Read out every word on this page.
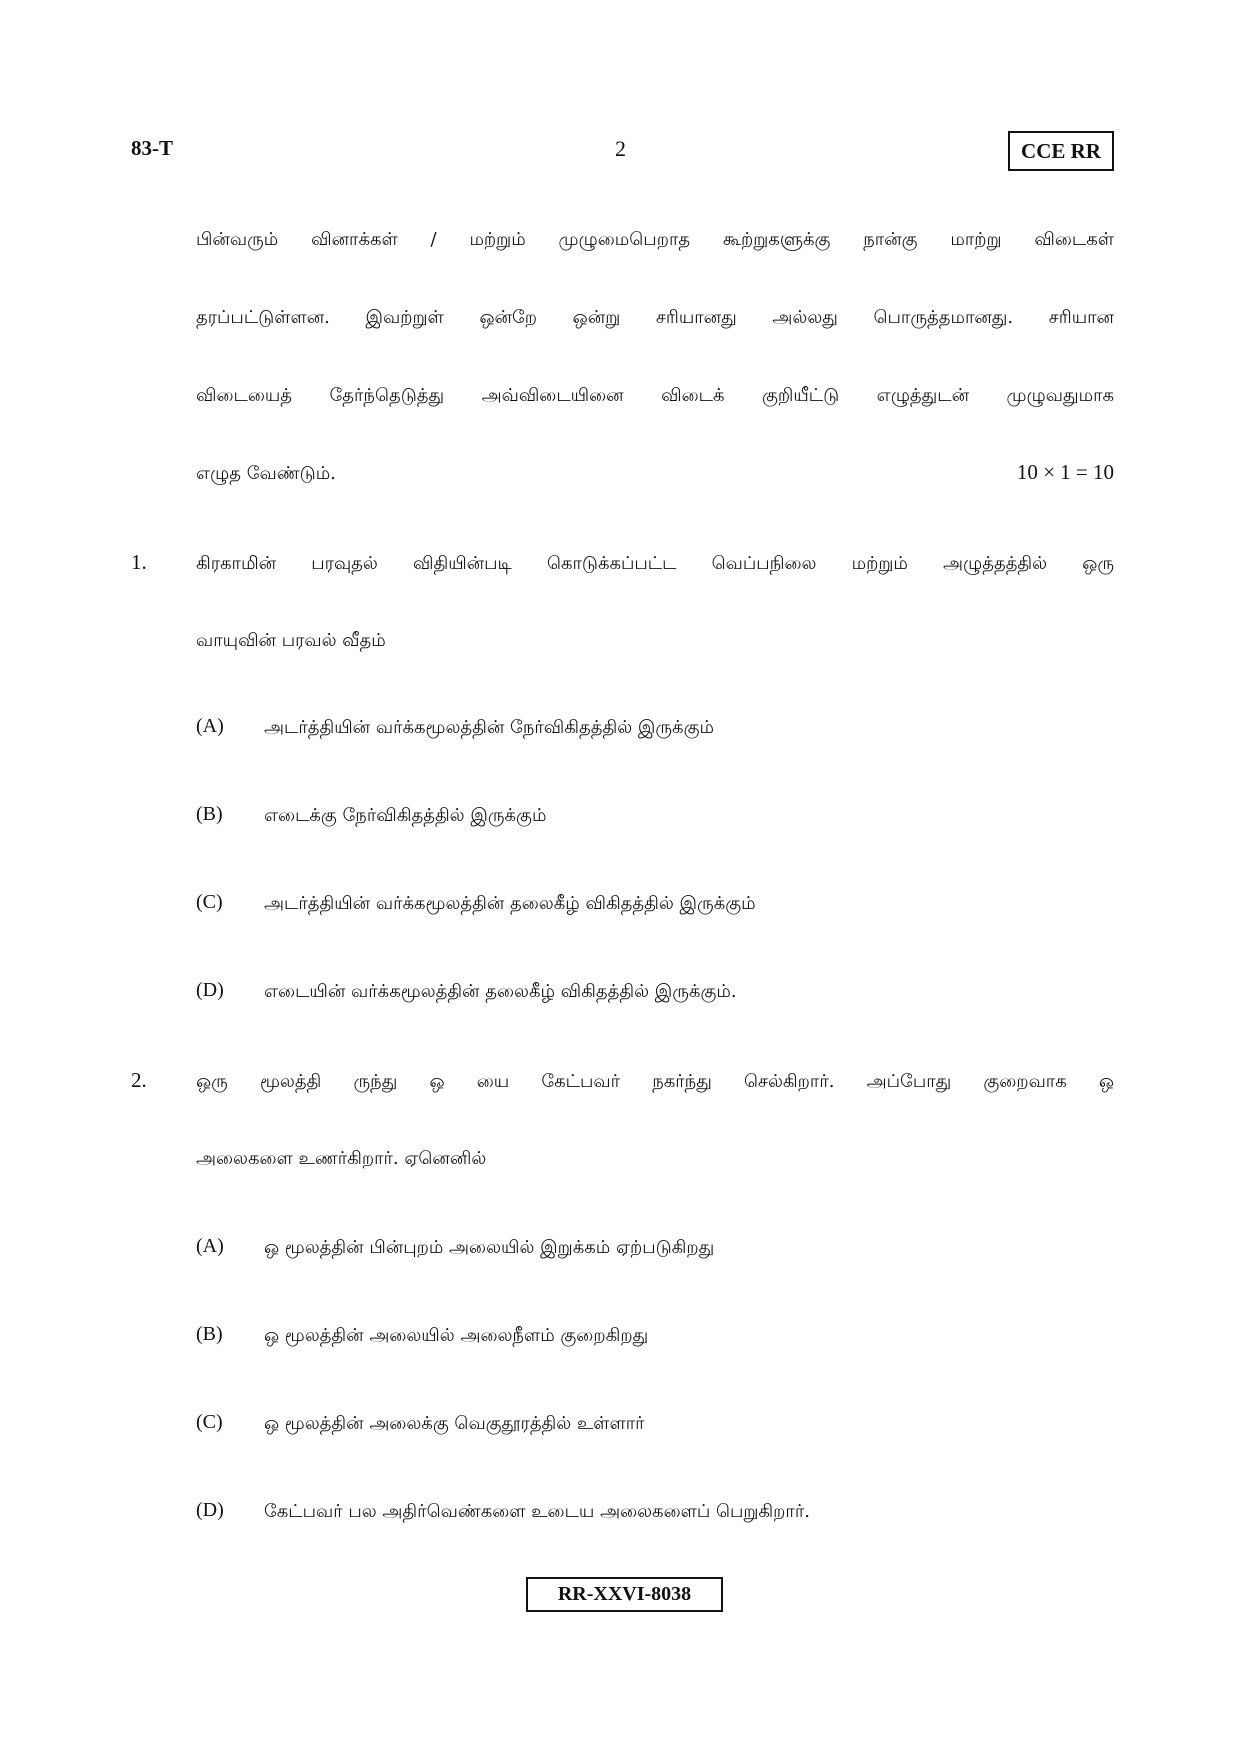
83-T	2	CCE RR
பின்வரும் வினாக்கள் / மற்றும் முழுமைபெறாத கூற்றுகளுக்கு நான்கு மாற்று விடைகள்
தரப்பட்டுள்ளன. இவற்றுள் ஒன்றே ஒன்று சரியானது அல்லது பொருத்தமானது. சரியான
விடையைத் தேர்ந்தெடுத்து அவ்விடையினை விடைக் குறியீட்டு எழுத்துடன் முழுவதுமாக
எழுத வேண்டும்.	10 × 1 = 10
1.	கிரகாமின் பரவுதல் விதியின்படி கொடுக்கப்பட்ட வெப்பநிலை மற்றும் அழுத்தத்தில் ஒரு
வாயுவின் பரவல் வீதம்
(A) அடர்த்தியின் வர்க்கமூலத்தின் நேர்விகிதத்தில் இருக்கும்
(B) எடைக்கு நேர்விகிதத்தில் இருக்கும்
(C) அடர்த்தியின் வர்க்கமூலத்தின் தலைகீழ் விகிதத்தில் இருக்கும்
(D) எடையின் வர்க்கமூலத்தின் தலைகீழ் விகிதத்தில் இருக்கும்.
2.	ஒரு மூலத்தி ருந்து ஒ யை கேட்பவர் நகர்ந்து செல்கிறார். அப்போது குறைவாக ஒ
அலைகளை உணர்கிறார். ஏனெனில்
(A) ஒ மூலத்தின் பின்புறம் அலையில் இறுக்கம் ஏற்படுகிறது
(B) ஒ மூலத்தின் அலையில் அலைநீளம் குறைகிறது
(C) ஒ மூலத்தின் அலைக்கு வெகுதூரத்தில் உள்ளார்
(D) கேட்பவர் பல அதிர்வெண்களை உடைய அலைகளைப் பெறுகிறார்.
RR-XXVI-8038
